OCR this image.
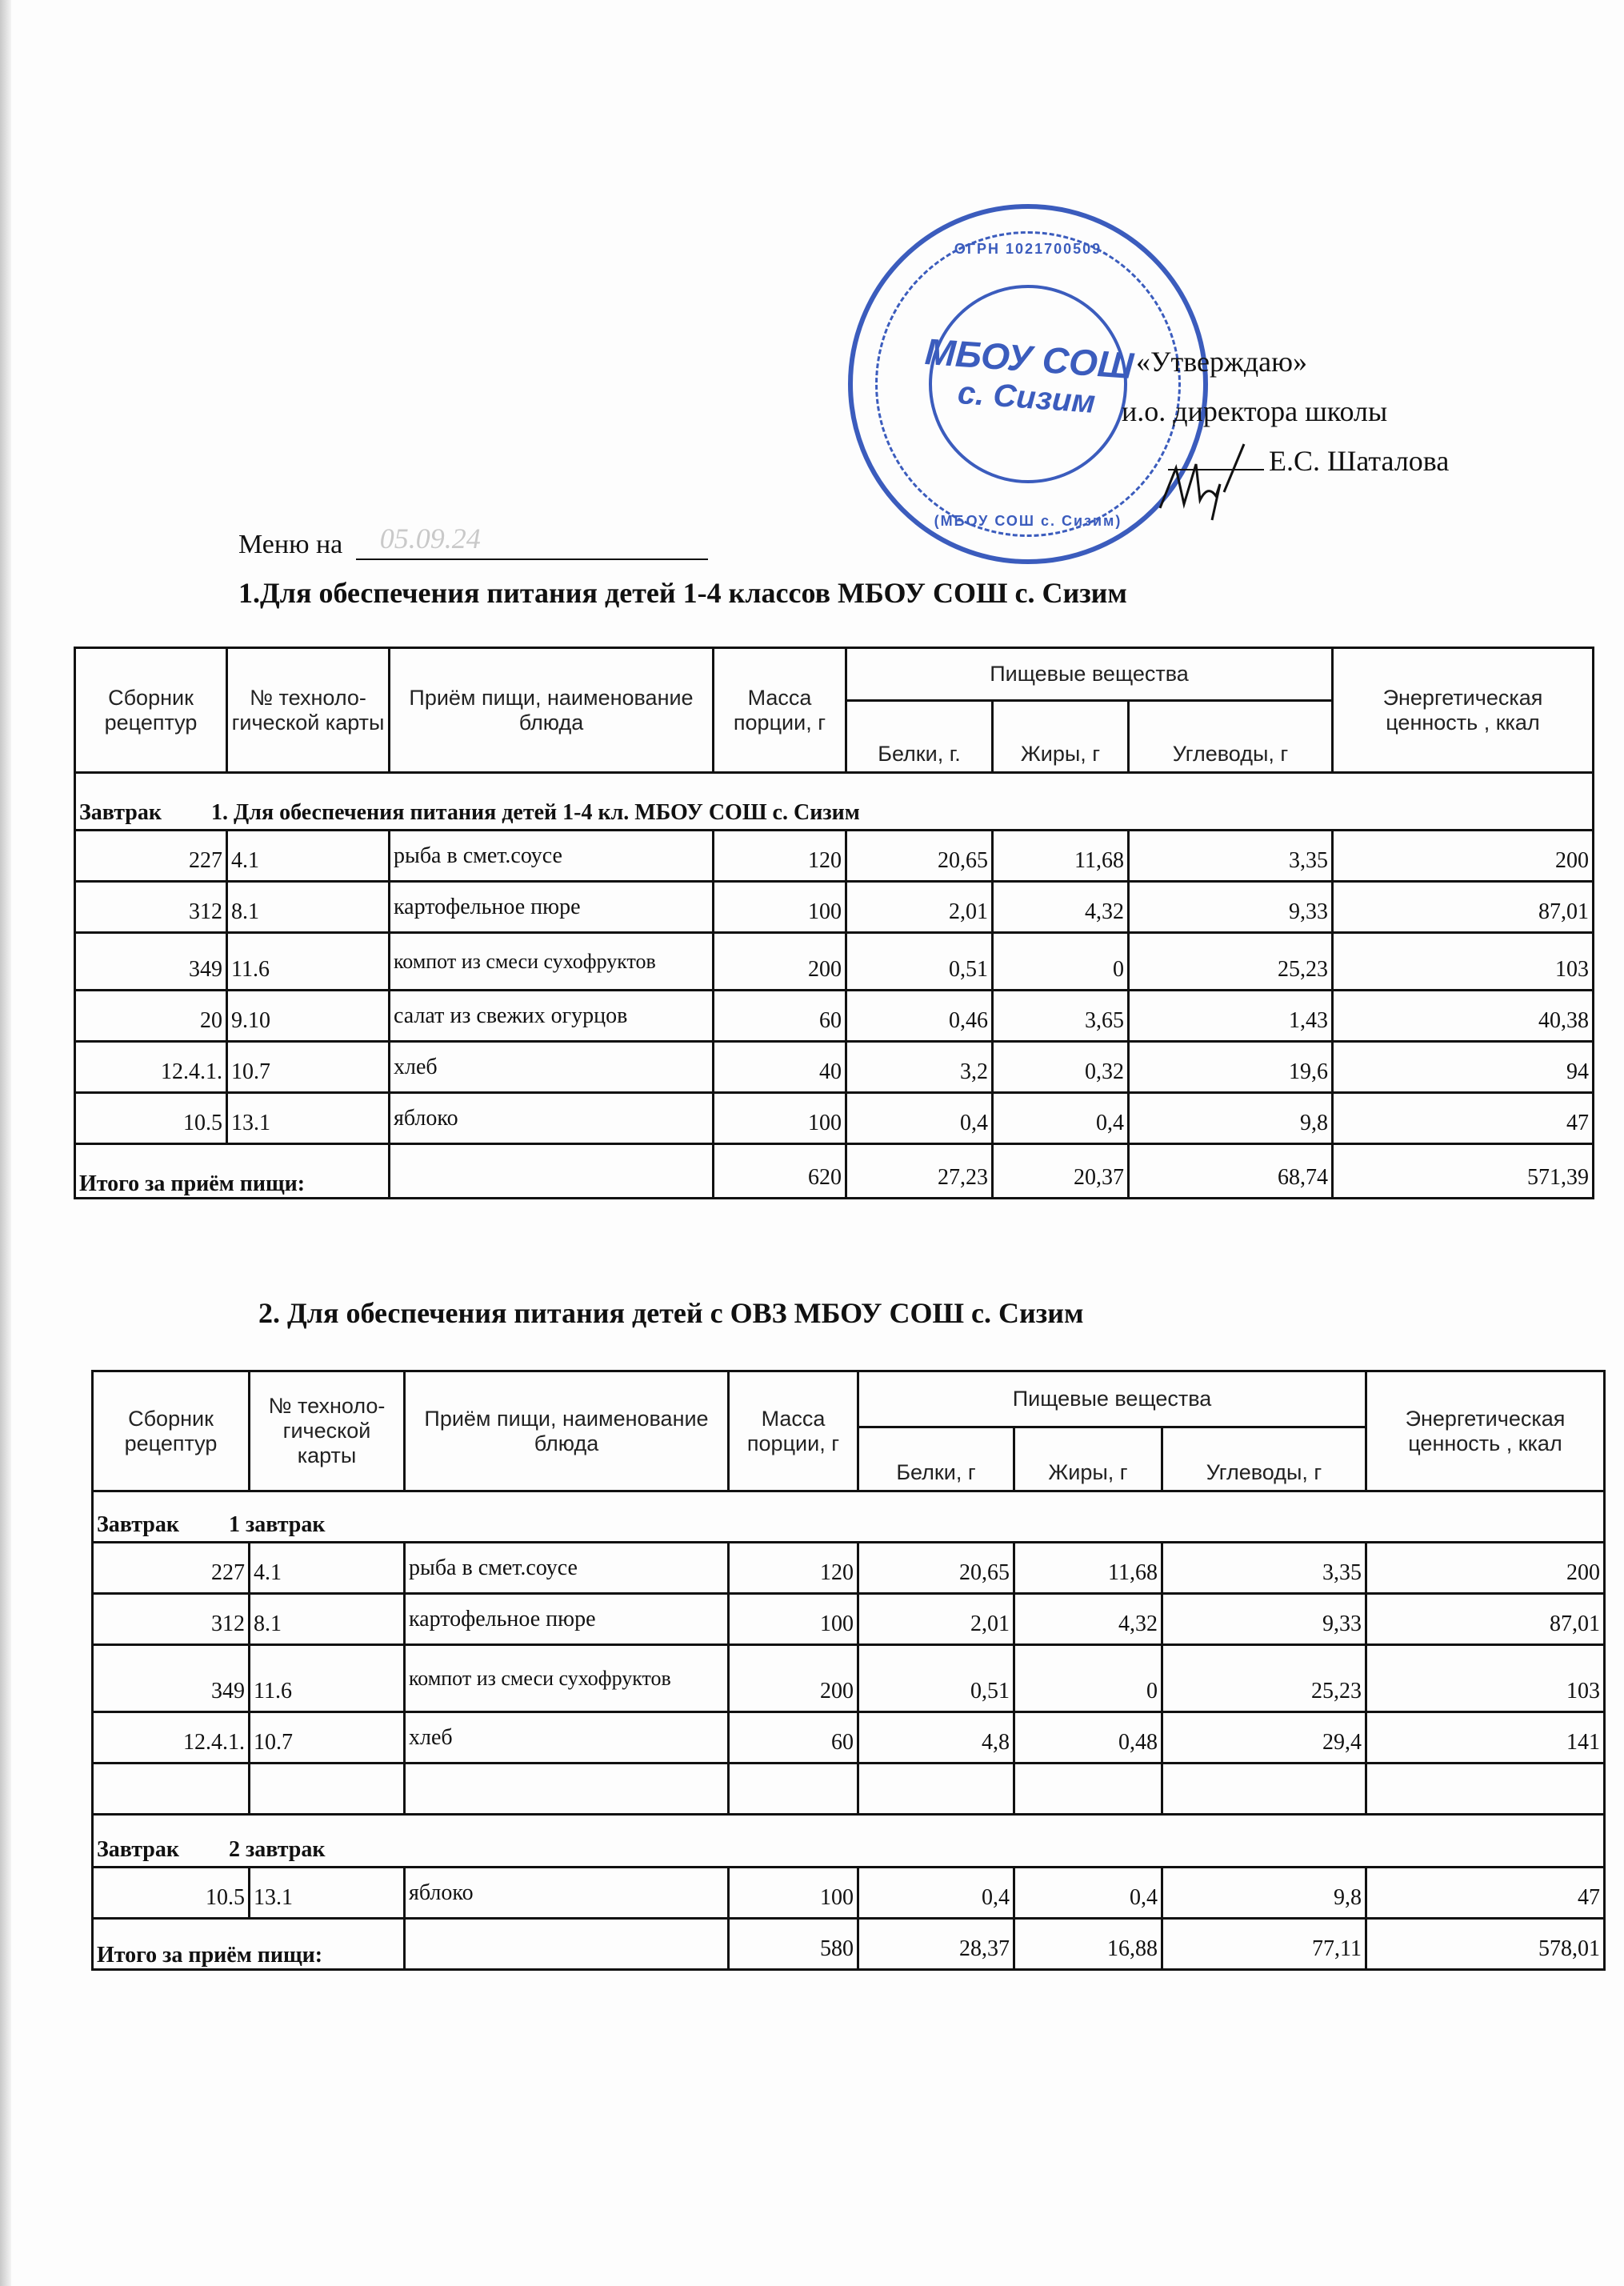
ОГРН 1021700509
МБОУ СОШ
с. Сизим
(МБОУ СОШ с. Сизим)
«Утверждаю»
и.о. директора школы
Е.С. Шаталова
Меню на 05.09.24
1.Для обеспечения питания детей 1-4 классов МБОУ СОШ с. Сизим
Сборник рецептур	№ техноло-гической карты	Приём пищи, наименование блюда	Масса порции, г	Пищевые вещества			Энергетическая ценность , ккал
				Белки, г.	Жиры, г	Углеводы, г	
Завтрак 1. Для обеспечения питания детей 1-4 кл. МБОУ СОШ с. Сизим							
227	4.1	рыба в смет.соусе	120	20,65	11,68	3,35	200
312	8.1	картофельное пюре	100	2,01	4,32	9,33	87,01
349	11.6	компот из смеси сухофруктов	200	0,51	0	25,23	103
20	9.10	салат из свежих огурцов	60	0,46	3,65	1,43	40,38
12.4.1.	10.7	хлеб	40	3,2	0,32	19,6	94
10.5	13.1	яблоко	100	0,4	0,4	9,8	47
Итого за приём пищи:			620	27,23	20,37	68,74	571,39
2. Для обеспечения питания детей с ОВЗ МБОУ СОШ с. Сизим
Сборник рецептур	№ техноло-гической карты	Приём пищи, наименование блюда	Масса порции, г	Пищевые вещества			Энергетическая ценность , ккал
				Белки, г	Жиры, г	Углеводы, г	
Завтрак 1 завтрак							
227	4.1	рыба в смет.соусе	120	20,65	11,68	3,35	200
312	8.1	картофельное пюре	100	2,01	4,32	9,33	87,01
349	11.6	компот из смеси сухофруктов	200	0,51	0	25,23	103
12.4.1.	10.7	хлеб	60	4,8	0,48	29,4	141

Завтрак 2 завтрак							
10.5	13.1	яблоко	100	0,4	0,4	9,8	47
Итого за приём пищи:			580	28,37	16,88	77,11	578,01
